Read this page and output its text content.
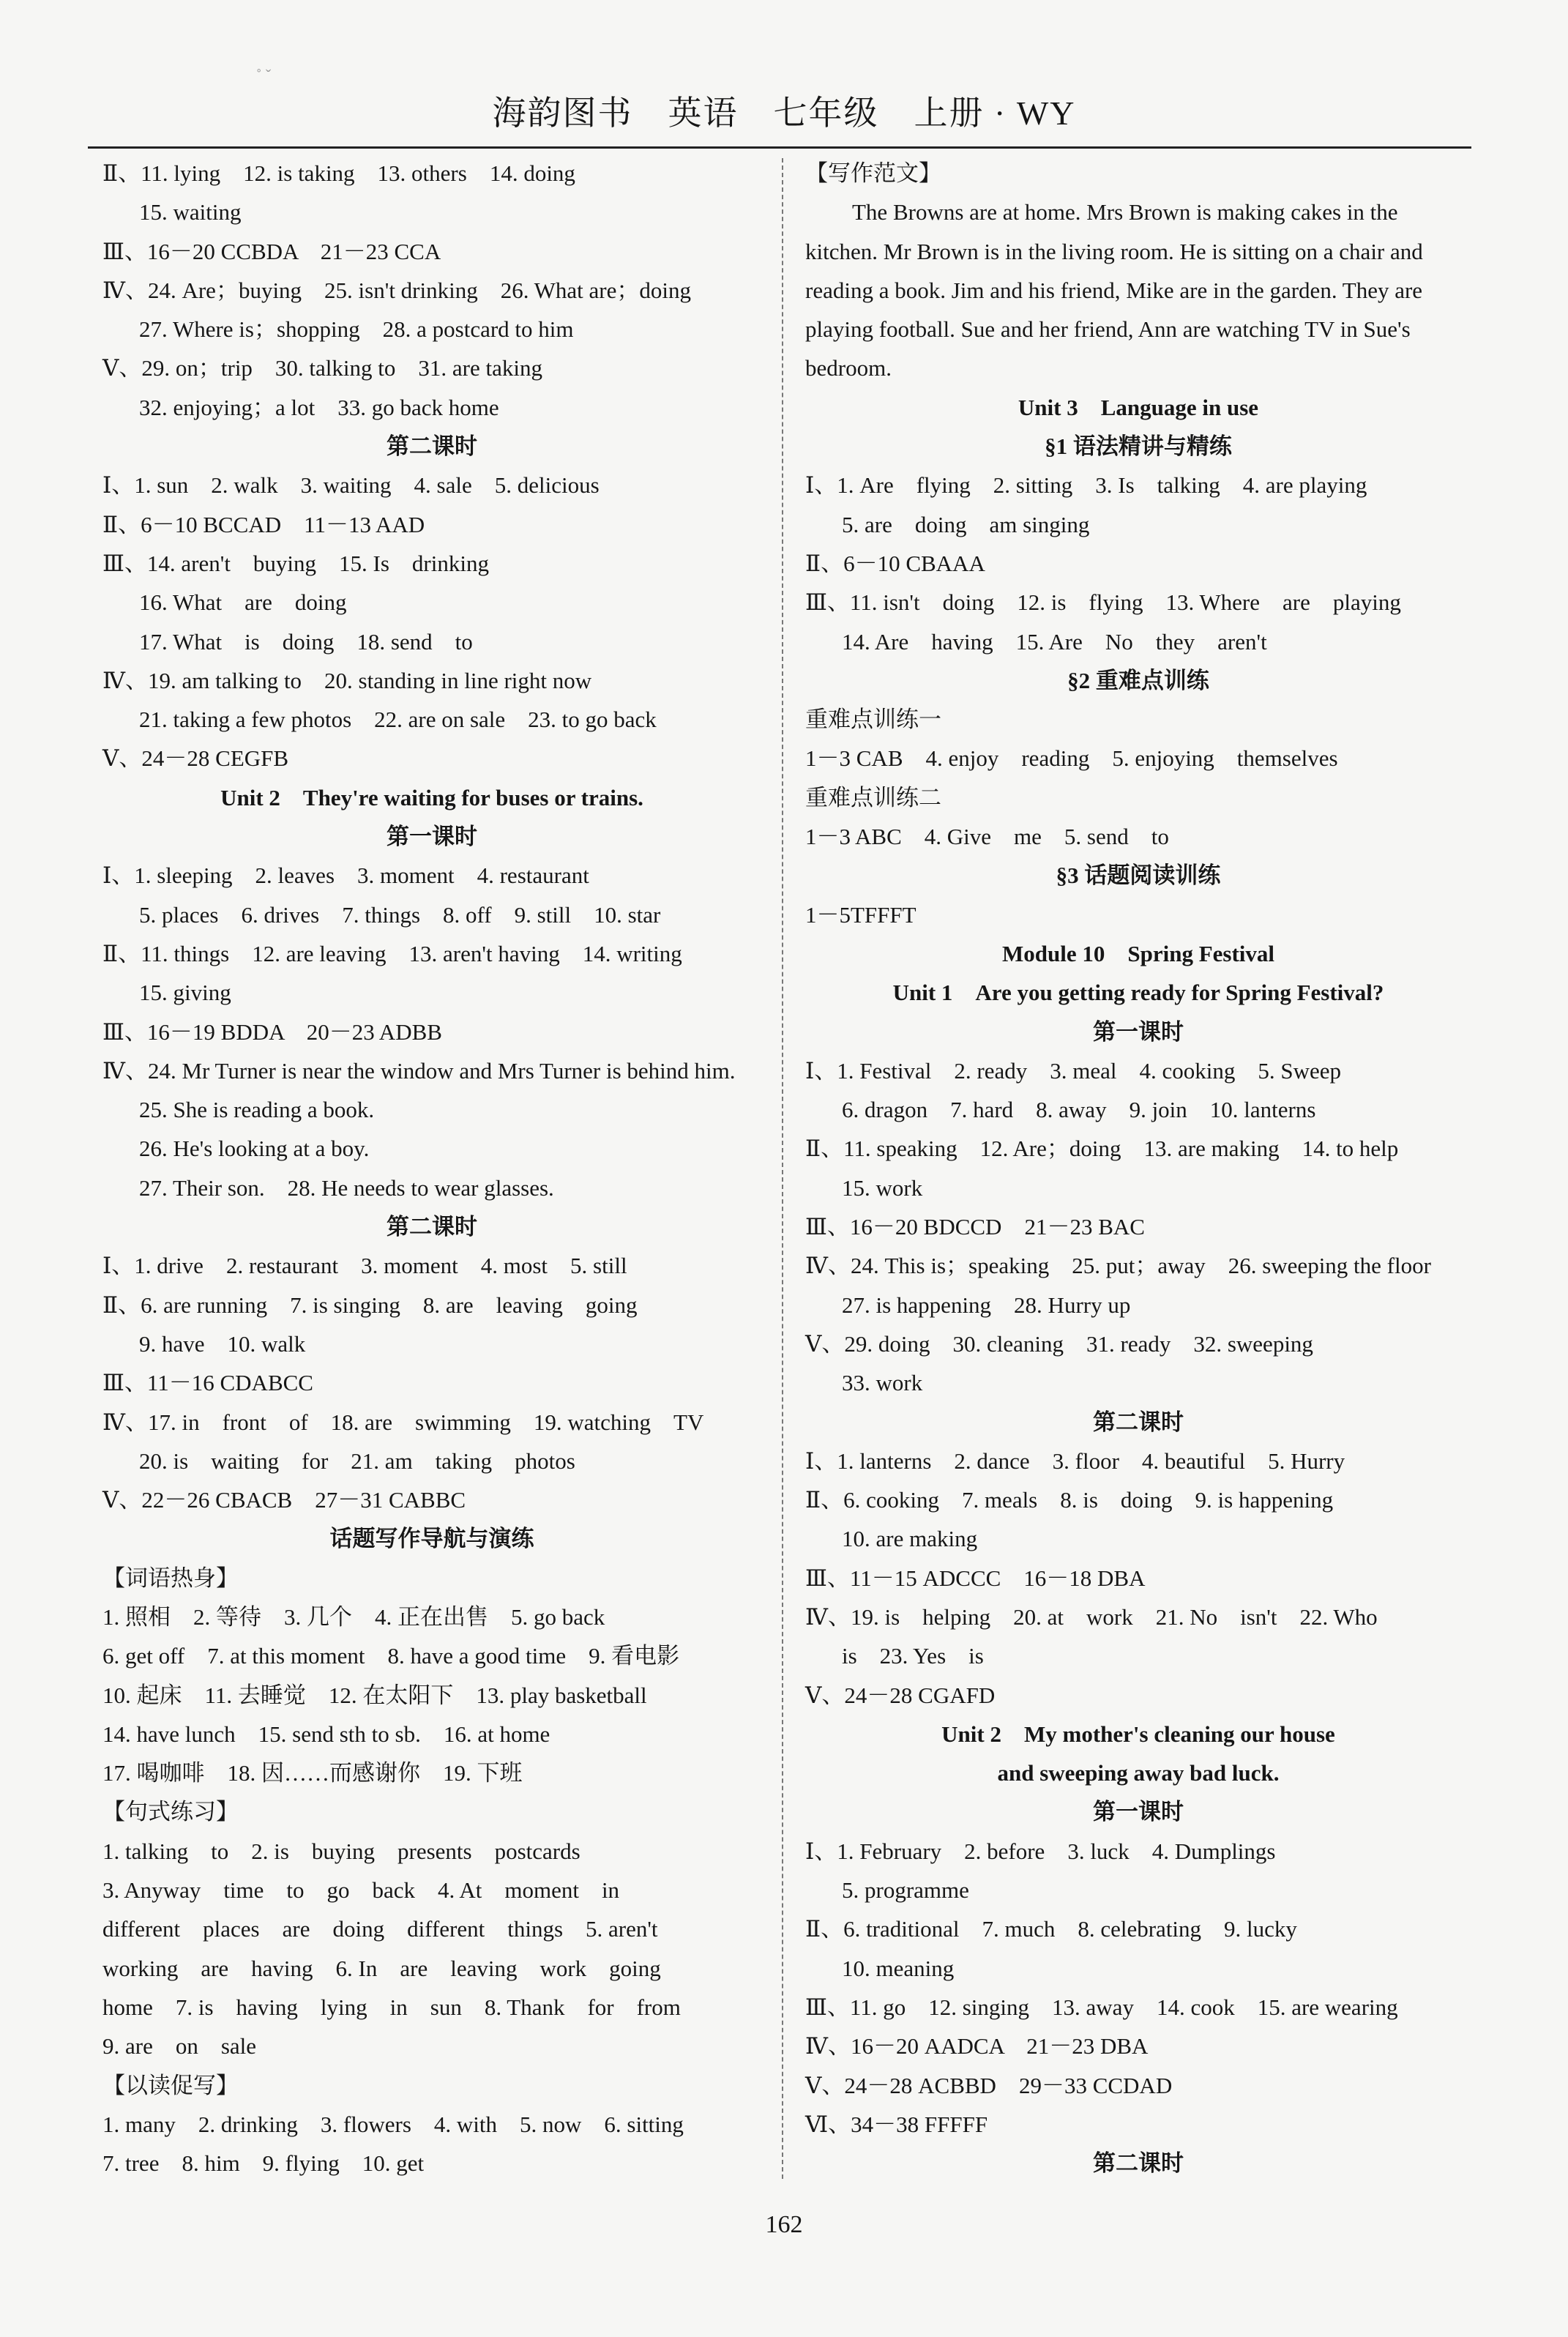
˚ ˇ
海韵图书　英语　七年级　上册 · WY
Ⅱ、11. lying　12. is taking　13. others　14. doing
15. waiting
Ⅲ、16－20 CCBDA　21－23 CCA
Ⅳ、24. Are；buying　25. isn't drinking　26. What are；doing
27. Where is；shopping　28. a postcard to him
Ⅴ、29. on；trip　30. talking to　31. are taking
32. enjoying；a lot　33. go back home
第二课时
Ⅰ、1. sun　2. walk　3. waiting　4. sale　5. delicious
Ⅱ、6－10 BCCAD　11－13 AAD
Ⅲ、14. aren't　buying　15. Is　drinking
16. What　are　doing
17. What　is　doing　18. send　to
Ⅳ、19. am talking to　20. standing in line right now
21. taking a few photos　22. are on sale　23. to go back
Ⅴ、24－28 CEGFB
Unit 2　They're waiting for buses or trains.
第一课时
Ⅰ、1. sleeping　2. leaves　3. moment　4. restaurant
5. places　6. drives　7. things　8. off　9. still　10. star
Ⅱ、11. things　12. are leaving　13. aren't having　14. writing
15. giving
Ⅲ、16－19 BDDA　20－23 ADBB
Ⅳ、24. Mr Turner is near the window and Mrs Turner is behind him.
25. She is reading a book.
26. He's looking at a boy.
27. Their son.　28. He needs to wear glasses.
第二课时
Ⅰ、1. drive　2. restaurant　3. moment　4. most　5. still
Ⅱ、6. are running　7. is singing　8. are　leaving　going
9. have　10. walk
Ⅲ、11－16 CDABCC
Ⅳ、17. in　front　of　18. are　swimming　19. watching　TV
20. is　waiting　for　21. am　taking　photos
Ⅴ、22－26 CBACB　27－31 CABBC
话题写作导航与演练
【词语热身】
1. 照相　2. 等待　3. 几个　4. 正在出售　5. go back
6. get off　7. at this moment　8. have a good time　9. 看电影
10. 起床　11. 去睡觉　12. 在太阳下　13. play basketball
14. have lunch　15. send sth to sb.　16. at home
17. 喝咖啡　18. 因……而感谢你　19. 下班
【句式练习】
1. talking　to　2. is　buying　presents　postcards
3. Anyway　time　to　go　back　4. At　moment　in
different　places　are　doing　different　things　5. aren't
working　are　having　6. In　are　leaving　work　going
home　7. is　having　lying　in　sun　8. Thank　for　from
9. are　on　sale
【以读促写】
1. many　2. drinking　3. flowers　4. with　5. now　6. sitting
7. tree　8. him　9. flying　10. get
【写作范文】
The Browns are at home. Mrs Brown is making cakes in the kitchen. Mr Brown is in the living room. He is sitting on a chair and reading a book. Jim and his friend, Mike are in the garden. They are playing football. Sue and her friend, Ann are watching TV in Sue's bedroom.
Unit 3　Language in use
§1 语法精讲与精练
Ⅰ、1. Are　flying　2. sitting　3. Is　talking　4. are playing
5. are　doing　am singing
Ⅱ、6－10 CBAAA
Ⅲ、11. isn't　doing　12. is　flying　13. Where　are　playing
14. Are　having　15. Are　No　they　aren't
§2 重难点训练
重难点训练一
1－3 CAB　4. enjoy　reading　5. enjoying　themselves
重难点训练二
1－3 ABC　4. Give　me　5. send　to
§3 话题阅读训练
1－5TFFFT
Module 10　Spring Festival
Unit 1　Are you getting ready for Spring Festival?
第一课时
Ⅰ、1. Festival　2. ready　3. meal　4. cooking　5. Sweep
6. dragon　7. hard　8. away　9. join　10. lanterns
Ⅱ、11. speaking　12. Are；doing　13. are making　14. to help
15. work
Ⅲ、16－20 BDCCD　21－23 BAC
Ⅳ、24. This is；speaking　25. put；away　26. sweeping the floor
27. is happening　28. Hurry up
Ⅴ、29. doing　30. cleaning　31. ready　32. sweeping
33. work
第二课时
Ⅰ、1. lanterns　2. dance　3. floor　4. beautiful　5. Hurry
Ⅱ、6. cooking　7. meals　8. is　doing　9. is happening
10. are making
Ⅲ、11－15 ADCCC　16－18 DBA
Ⅳ、19. is　helping　20. at　work　21. No　isn't　22. Who
is　23. Yes　is
Ⅴ、24－28 CGAFD
Unit 2　My mother's cleaning our house
and sweeping away bad luck.
第一课时
Ⅰ、1. February　2. before　3. luck　4. Dumplings
5. programme
Ⅱ、6. traditional　7. much　8. celebrating　9. lucky
10. meaning
Ⅲ、11. go　12. singing　13. away　14. cook　15. are wearing
Ⅳ、16－20 AADCA　21－23 DBA
Ⅴ、24－28 ACBBD　29－33 CCDAD
Ⅵ、34－38 FFFFF
第二课时
162
